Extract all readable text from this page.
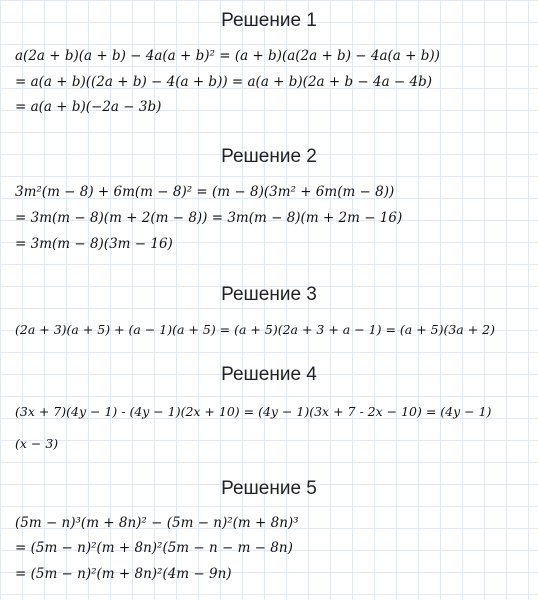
Решение 1
a(2a + b)(a + b) − 4a(a + b)² = (a + b)(a(2a + b) − 4a(a + b))
= a(a + b)((2a + b) − 4(a + b)) = a(a + b)(2a + b − 4a − 4b)
= a(a + b)(−2a − 3b)
Решение 2
3m²(m − 8) + 6m(m − 8)² = (m − 8)(3m² + 6m(m − 8))
= 3m(m − 8)(m + 2(m − 8)) = 3m(m − 8)(m + 2m − 16)
= 3m(m − 8)(3m − 16)
Решение 3
(2a + 3)(a + 5) + (a − 1)(a + 5) = (a + 5)(2a + 3 + a − 1) = (a + 5)(3a + 2)
Решение 4
(3x + 7)(4y − 1) - (4y − 1)(2x + 10) = (4y − 1)(3x + 7 - 2x − 10) = (4y − 1)
(x − 3)
Решение 5
(5m − n)³(m + 8n)² − (5m − n)²(m + 8n)³
= (5m − n)²(m + 8n)²(5m − n − m − 8n)
= (5m − n)²(m + 8n)²(4m − 9n)
